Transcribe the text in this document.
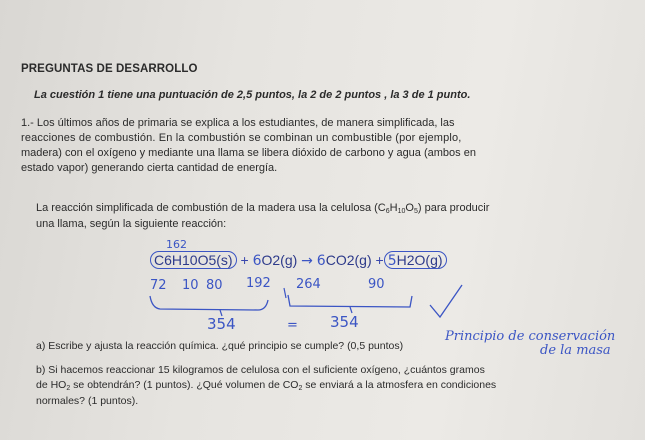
PREGUNTAS DE DESARROLLO

La cuestión 1 tiene una puntuación de 2,5 puntos, la 2 de 2 puntos , la 3 de 1 punto.

1.- Los últimos años de primaria se explica a los estudiantes, de manera simplificada, las

reacciones de combustión. En la combustión se combinan un combustible (por ejemplo,

madera) con el oxígeno y mediante una llama se libera dióxido de carbono y agua (ambos en

estado vapor) generando cierta cantidad de energía.

La reacción simplificada de combustión de la madera usa la celulosa $(C_6H_{10}O_5)$ para producir

una llama, según la siguiente reacción:

162
C6H10O5(s) + 6O2(g) → 6CO2(g) + 5H2O(g)
72 10 80 192 264	90
354	= 354

a) Escribe y ajusta la reacción química. ¿qué principio se cumple? (0,5 puntos)

Principio de conservación
de la masa

b) Si hacemos reaccionar 15 kilogramos de celulosa con el suficiente oxígeno, ¿cuántos gramos

de $HO_2$ se obtendrán? (1 puntos). ¿Qué volumen de $CO_2$ se enviará a la atmosfera en condiciones

normales? (1 puntos).
